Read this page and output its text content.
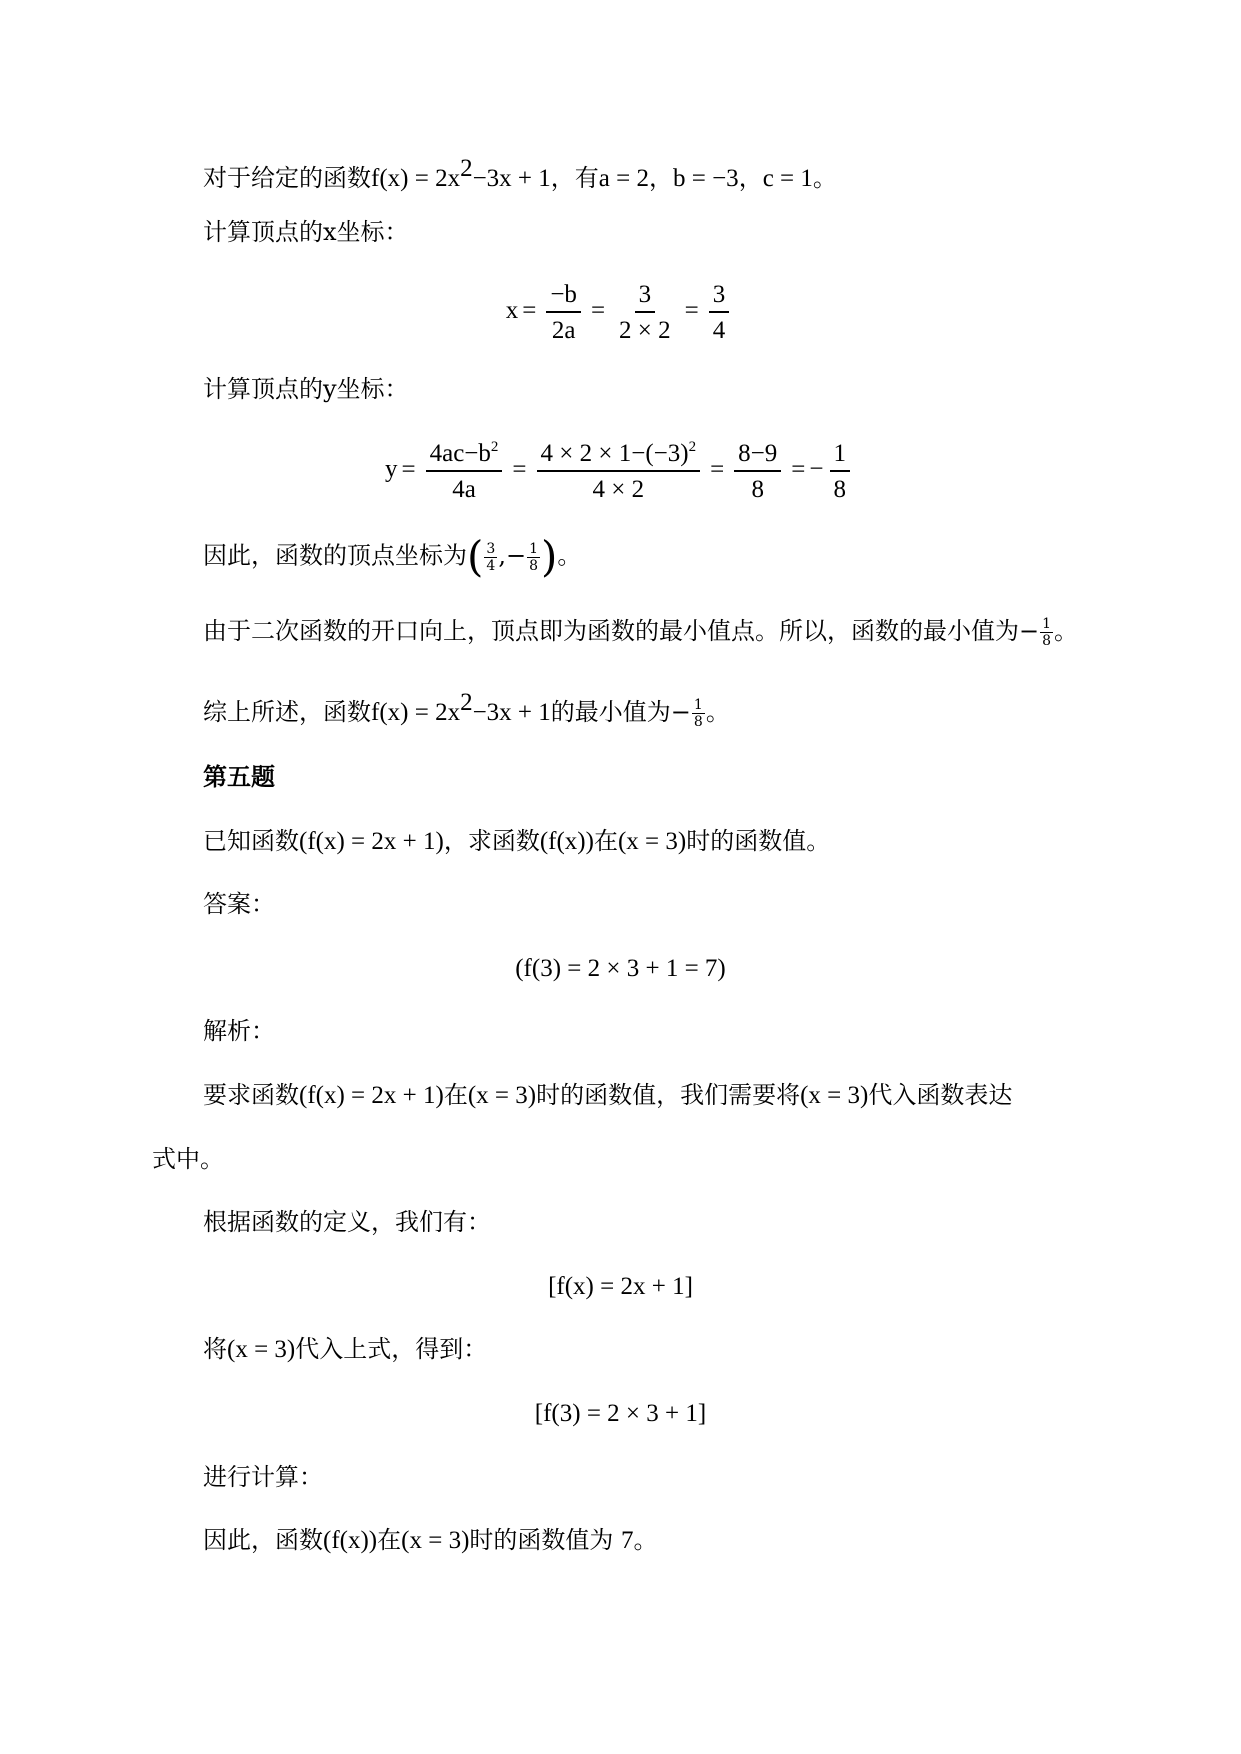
对于给定的函数$f(x) = 2x^2-3x + 1$，有a = 2，b = −3，c = 1。
计算顶点的x坐标：
$x = \frac{-b}{2a} = \frac{3}{2 \times 2} = \frac{3}{4}$
计算顶点的y坐标：
$y = \frac{4ac-b^2}{4a} = \frac{4 \times 2 \times 1-(-3)^2}{4 \times 2} = \frac{8-9}{8}$ = − $\frac{1}{8}$
因此，函数的顶点坐标为( $\frac{3}{4}$ ,− $\frac{1}{8}$ )。
由于二次函数的开口向上，顶点即为函数的最小值点。所以，函数的最小值为− $\frac{1}{8}$ 。
综上所述，函数$f(x) = 2x^2-3x + 1$的最小值为− $\frac{1}{8}$ 。
第五题
已知函数(f(x) = 2x + 1)，求函数(f(x))在(x = 3)时的函数值。
答案：
(f(3) = 2 × 3 + 1 = 7)
解析：
要求函数(f(x) = 2x + 1)在(x = 3)时的函数值，我们需要将(x = 3)代入函数表达
式中。
根据函数的定义，我们有：
[f(x) = 2x + 1]
将(x = 3)代入上式，得到：
[f(3) = 2 × 3 + 1]
进行计算：
因此，函数(f(x))在(x = 3)时的函数值为 7。
